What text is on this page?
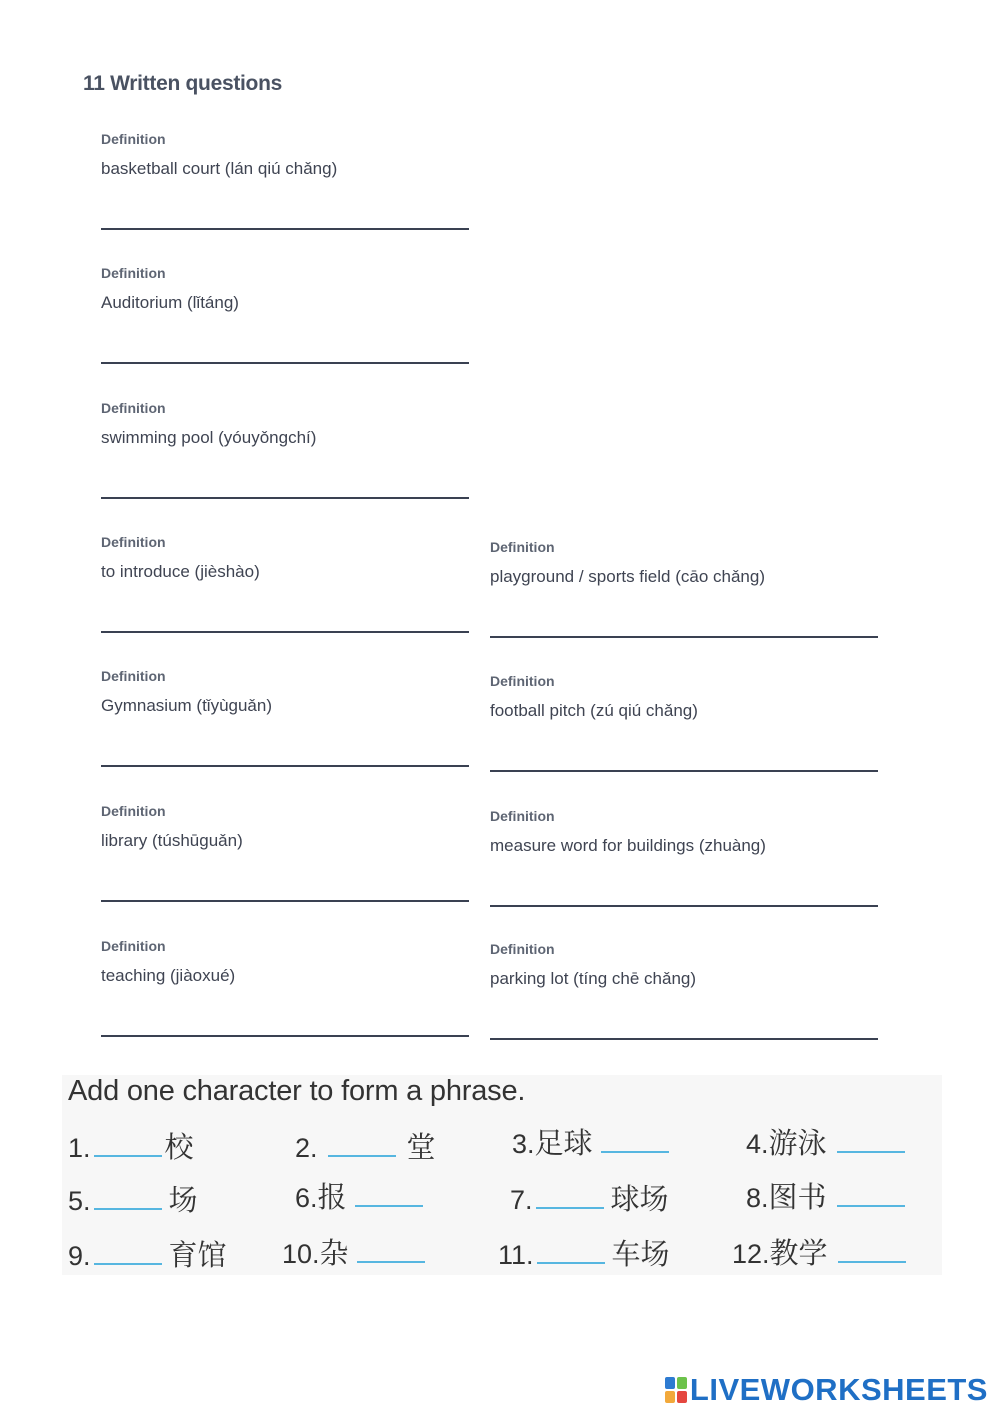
11 Written questions

Definition

basketball court (lán qiú chǎng)

Definition

Auditorium (lǐtáng)

Definition

swimming pool (yóuyǒngchí)

Definition

to introduce (jièshào)

Definition

Gymnasium (tǐyùguǎn)

Definition

library (túshūguǎn)

Definition

teaching (jiàoxué)

Definition

playground / sports field (cāo chǎng)

Definition

football pitch (zú qiú chǎng)

Definition

measure word for buildings (zhuàng)

Definition

parking lot (tíng chē chǎng)
Add one character to form a phrase.
1.	校	2.	堂	3.足球	4.游泳
5.	场	6.报	7.	球场	8.图书
9.	育馆 10.杂	11.	车场 12.教学
LIVEWORKSHEETS
